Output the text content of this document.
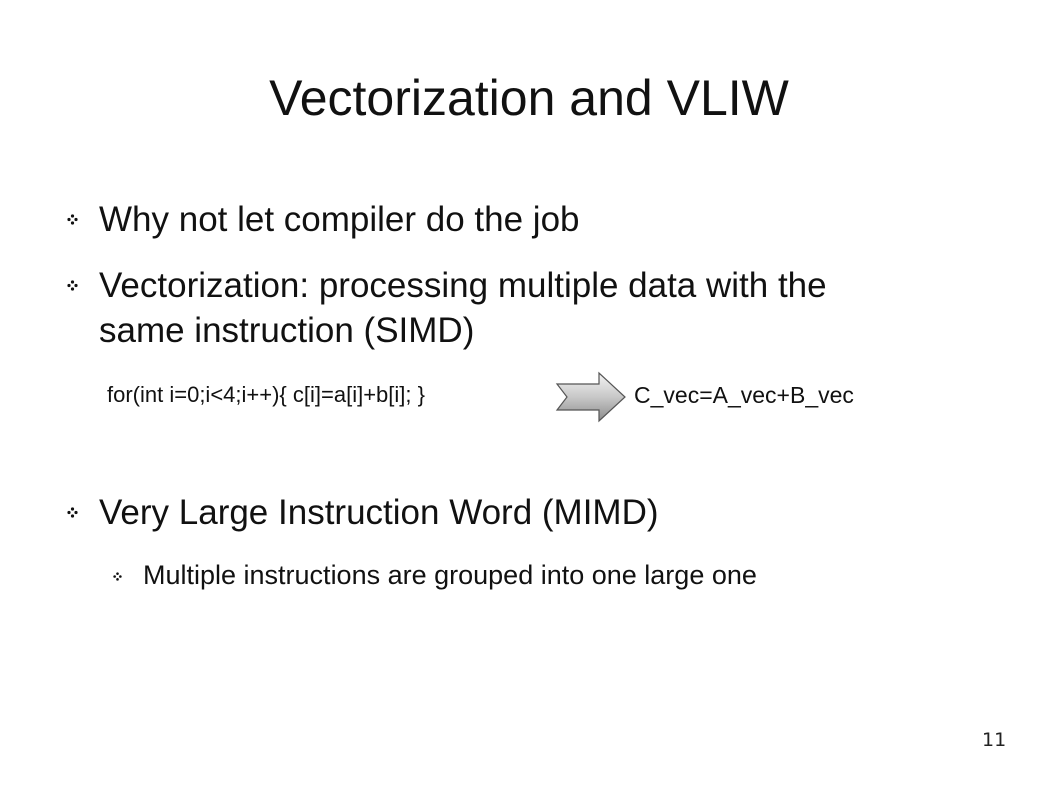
Vectorization and VLIW
Why not let compiler do the job
Vectorization: processing multiple data with the
same instruction (SIMD)
for(int i=0;i<4;i++){ c[i]=a[i]+b[i]; }	C_vec=A_vec+B_vec
Very Large Instruction Word (MIMD)
Multiple instructions are grouped into one large one
11
